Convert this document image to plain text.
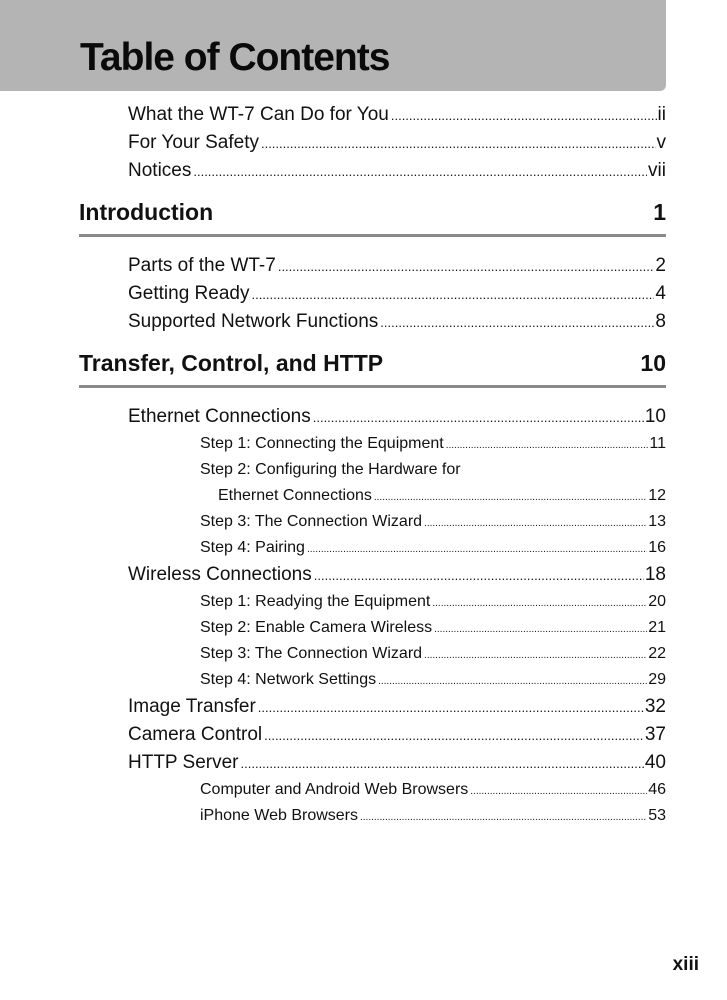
Table of Contents
What the WT-7 Can Do for You .....	ii
For Your Safety .....	v
Notices .....	vii
Introduction	1
Parts of the WT-7 .....	2
Getting Ready .....	4
Supported Network Functions .....	8
Transfer, Control, and HTTP	10
Ethernet Connections .....	10
Step 1: Connecting the Equipment .....	11
Step 2: Configuring the Hardware for
Ethernet Connections .....	12
Step 3: The Connection Wizard .....	13
Step 4: Pairing .....	16
Wireless Connections .....	18
Step 1: Readying the Equipment .....	20
Step 2: Enable Camera Wireless .....	21
Step 3: The Connection Wizard .....	22
Step 4: Network Settings .....	29
Image Transfer .....	32
Camera Control .....	37
HTTP Server .....	40
Computer and Android Web Browsers .....	46
iPhone Web Browsers .....	53
xiii
